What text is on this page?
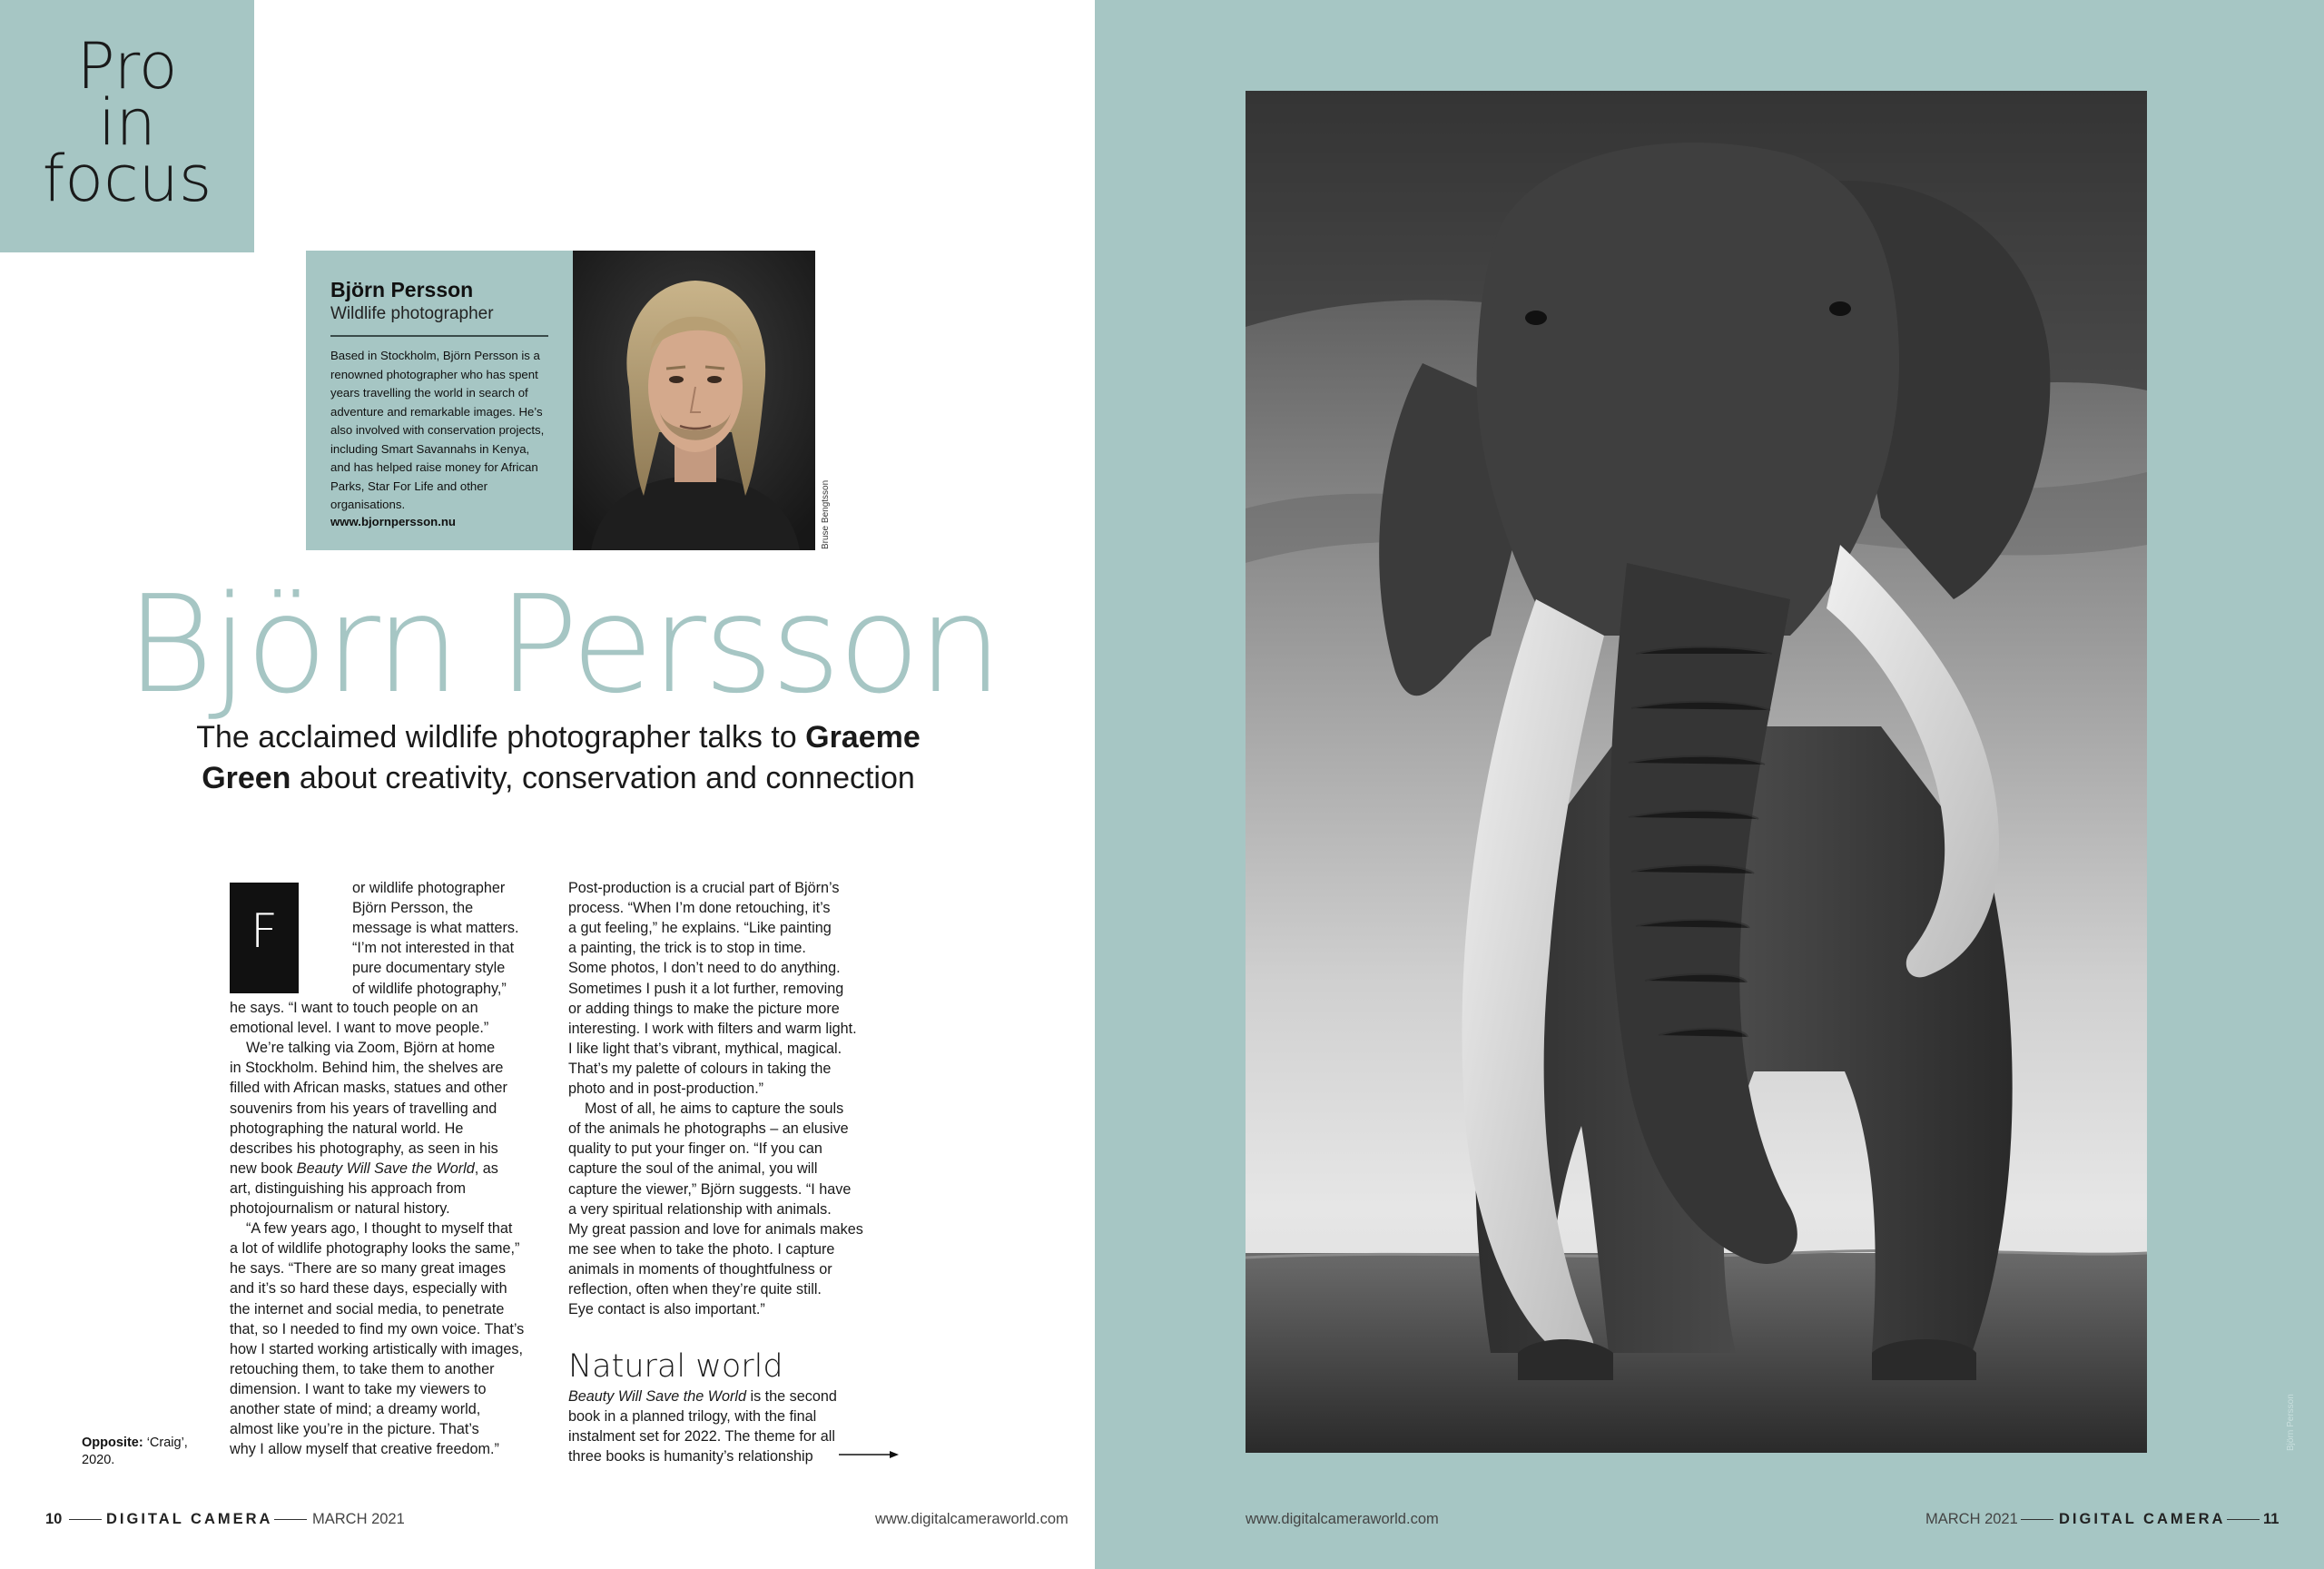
Pro
in
focus
Björn Persson
Wildlife photographer
Based in Stockholm, Björn Persson is a renowned photographer who has spent years travelling the world in search of adventure and remarkable images. He’s also involved with conservation projects, including Smart Savannahs in Kenya, and has helped raise money for African Parks, Star For Life and other organisations.
www.bjornpersson.nu	Bruse Bengtsson
Björn Persson
The acclaimed wildlife photographer talks to Graeme Green about creativity, conservation and connection
F
or wildlife photographer
Björn Persson, the
message is what matters.
“I’m not interested in that
pure documentary style
of wildlife photography,”
he says. “I want to touch people on an
emotional level. I want to move people.”
We’re talking via Zoom, Björn at home
in Stockholm. Behind him, the shelves are
filled with African masks, statues and other
souvenirs from his years of travelling and
photographing the natural world. He
describes his photography, as seen in his
new book Beauty Will Save the World, as
art, distinguishing his approach from
photojournalism or natural history.
“A few years ago, I thought to myself that
a lot of wildlife photography looks the same,”
he says. “There are so many great images
and it’s so hard these days, especially with
the internet and social media, to penetrate
that, so I needed to find my own voice. That’s
how I started working artistically with images,
retouching them, to take them to another
dimension. I want to take my viewers to
another state of mind; a dreamy world,
almost like you’re in the picture. That’s
why I allow myself that creative freedom.”
Post-production is a crucial part of Björn’s
process. “When I’m done retouching, it’s
a gut feeling,” he explains. “Like painting
a painting, the trick is to stop in time.
Some photos, I don’t need to do anything.
Sometimes I push it a lot further, removing
or adding things to make the picture more
interesting. I work with filters and warm light.
I like light that’s vibrant, mythical, magical.
That’s my palette of colours in taking the
photo and in post-production.”
Most of all, he aims to capture the souls
of the animals he photographs – an elusive
quality to put your finger on. “If you can
capture the soul of the animal, you will
capture the viewer,” Björn suggests. “I have
a very spiritual relationship with animals.
My great passion and love for animals makes
me see when to take the photo. I capture
animals in moments of thoughtfulness or
reflection, often when they’re quite still.
Eye contact is also important.”
Natural world
Beauty Will Save the World is the second
book in a planned trilogy, with the final
instalment set for 2022. The theme for all
three books is humanity’s relationship
Opposite: ‘Craig’, 2020.
10	DIGITAL CAMERA	MARCH 2021	www.digitalcameraworld.com
Björn Persson
www.digitalcameraworld.com	MARCH 2021	DIGITAL CAMERA	11
